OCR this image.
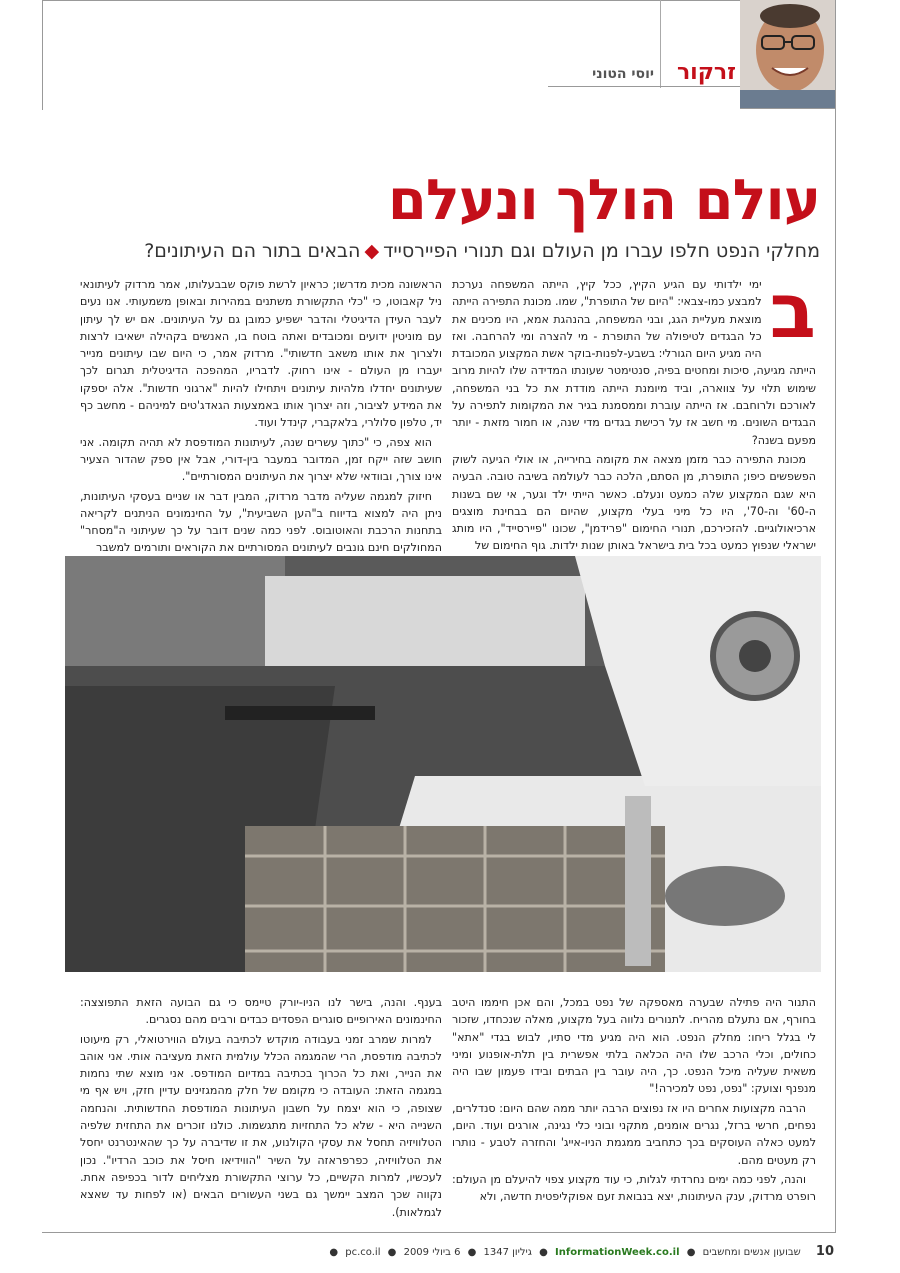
זרקור
יוסי הטוני
עולם הולך ונעלם
מחלקי הנפט חלפו עברו מן העולם וגם תנורי הפיירסייד◆הבאים בתור הם העיתונים?
ב

ימי ילדותי עם הגיע הקיץ, ככל קיץ, הייתה המשפחה נערכת למבצע כמו-צבאי: "היום של התופרת", שמו. מכונת התפירה הייתה מוצאת מעליית הגג, ובני המשפחה, בהנהגת אמא, היו מכינים את כל הבגדים לטיפולה של התופרת - מי להצרה ומי להרחבה. ואז היה מגיע היום הגורלי: בשבע-לפנות-בוקר אשת המקצוע המכובדת הייתה מגיעה, סיכות ומחטים בפיה, סנטימטר שעונתו המדידה שלו להיות מרוב שימוש תלוי על צווארה, וביד מיומנת הייתה מודדת את כל בני המשפחה, לאורכם ולרוחבם. אז הייתה עוברת וממסמנת בגיר את המקומות לתפירה על הבגדים השונים. מי חשב אז על רכישת בגדים מדי שנה, או חמור מזאת - יותר מפעם בשנה?

מכונת התפירה כבר מזמן מצאה את מקומה בחירייה, או אולי הגיעה לשוק הפשפשים כיפו; התופרת, מן הסתם, הלכה כבר לעולמה בשיבה טובה. הבעיה היא שגם המקצוע שלה כמעט ונעלם. כאשר הייתי ילד וגער, אי שם בשנות ה-60' וה-70', היו כל מיני בעלי מקצוע, שהיום הם בבחינת מוצגים ארכיאולוגיים. להזכירכם, תנורי החימום "פרידמן", שכונו "פיירסייד", היו מותג ישראלי שנפוץ כמעט בכל בית בישראל באותן שנות ילדות. גוף החימום של

הראשונה מכית מדרשו; כראיון לרשת פוקס שבבעלותו, אמר מרדוק לעיתונאי ניל קאבוטו, כי "כלי התקשורת משתנים במהירות ובאופן משמעותי. אנו נעים לעבר העידן הדיגיטלי והדבר ישפיע כמובן גם על העיתונים. אם יש לך עיתון עם מוניטין ידועים ומכובדים ואתה בוטח בו, האנשים בקהילה ישאיבו לרצות ולצרוך את אותו משאב חדשותי". מרדוק אמר, כי היום שבו עיתונים מנייר יעברו מן העולם - אינו רחוק. לדבריו, המהפכה הדיגיטלית תגרום לכך שעיתונים יחדלו מלהיות עיתונים ויתחילו להיות "ארגוני חדשות". אלה יספקו את המידע לציבור, וזה יצרוך אותו באמצעות הגאדג'טים למיניהם - מחשב כף יד, טלפון סלולרי, בלאקברי, קינדל ועוד.

הוא צפה, כי "כתוך עשרים שנה, לעיתונות המודפסת לא תהיה תקומה. אני חושב שזה ייקח זמן, המדובר במעבר בין-דורי, אבל אין ספק שהדור הצעיר אינו צורך, ובוודאי שלא יצרוך את העיתונים המסורתיים".

חיזוק למגמה שעליה מדבר מרדוק, המבין דבר או שניים בעסקי העיתונות, ניתן היה למצוא בדיווח ב"הען השביעית", על החינמונים הניתנים לקריאה בתחנות הרכבת והאוטובוס. לפני כמה שנים דובר על כך שעיתוני ה"מסחר" המחולקים חינם גונבים לעיתונים המסורתיים את הקוראים ותורמים למשבר

התנור היה פתילה שבערה מאספקה של נפט במכל, והם אכן חיממו היטב בחורף, אם נתעלם מהריח. לתנורים נלווה בעל מקצוע, מאלה שנכחדו, שזכור לי בגלל ריחו: מחלק הנפט. הוא היה מגיע מדי סתיו, לבוש בגדי "אתא" כחולים, וכלי הרכב שלו היה הכלאה בלתי אפשרית בין תלת-אופנוע ומיני משאית שעליה מיכל הנפט. כך, היה עובר בין הבתים ובידו פעמון שבו היה מנפנף וצועק: "נפט, נפט למכירה!"

הרבה מקצועות אחרים היו אז נפוצים הרבה יותר ממה שהם היום: סנדלרים, נפחים, חרשי ברזל, נגרים אומנים, מתקני ובוני כלי נגינה, אורגים ועוד. היום, למעט כאלה העוסקים בכך כתחביב ממגמת הניו-אייג' והחזרה לטבע - נותרו רק מעטים מהם.

והנה, לפני כמה ימים נחרדתי לגלות, כי עוד מקצוע צפוי להיעלם מן העולם: רופרט מרדוק, ענק העיתונות, יצא בנבואת זעם אפוקליפטית חדשה, ולא

בענף. והנה, בישר לנו הניו-יורק טיימס כי גם הבועה הזאת התפוצצה: החינמונים האירופיים סוגרים הפסדים כבדים ורבים מהם נסגרים.

למרות שמרב זמני בעבודה מוקדש לכתיבה בעולם הווירטואלי, רק מיעוטו לכתיבה מודפסת, הרי שהמגמה הכלל עולמית הזאת מעציבה אותי. אני אוהב את הנייר, ואת כל הכרוך בכתיבה במדיום המודפס. אני מוצא שתי נחמות במגמה הזאת: העובדה כי מקומם של חלק מהמגזינים עדיין חזק, ויש אף מי שצופה, כי הוא יצמח על חשבון העיתונות המודפסת החדשותית. והנחמה השנייה היא - שלא כל התחזיות מתגשמות. כולנו זוכרים את התחזית שלפיה הטלוויזיה תחסל את עסקי הקולנוע, את זו שדיברה על כך שהאינטרנט יחסל את הטלוויזיה, כפרפראזה על השיר "הווידיאו חיסל את כוכב הרדיו". נכון לעכשיו, למרות הקשיים, כל ערוצי התקשורת מצליחים לדור בכפיפה אחת. נקווה שכך המצב יימשך גם בשני העשורים הבאים (או לפחות עד שאצא לגמלאות).

10 שבועון אנשים ומחשבים ● InformationWeek.co.il ● גיליון 1347 ● 6 ביולי 2009 ● pc.co.il ●
